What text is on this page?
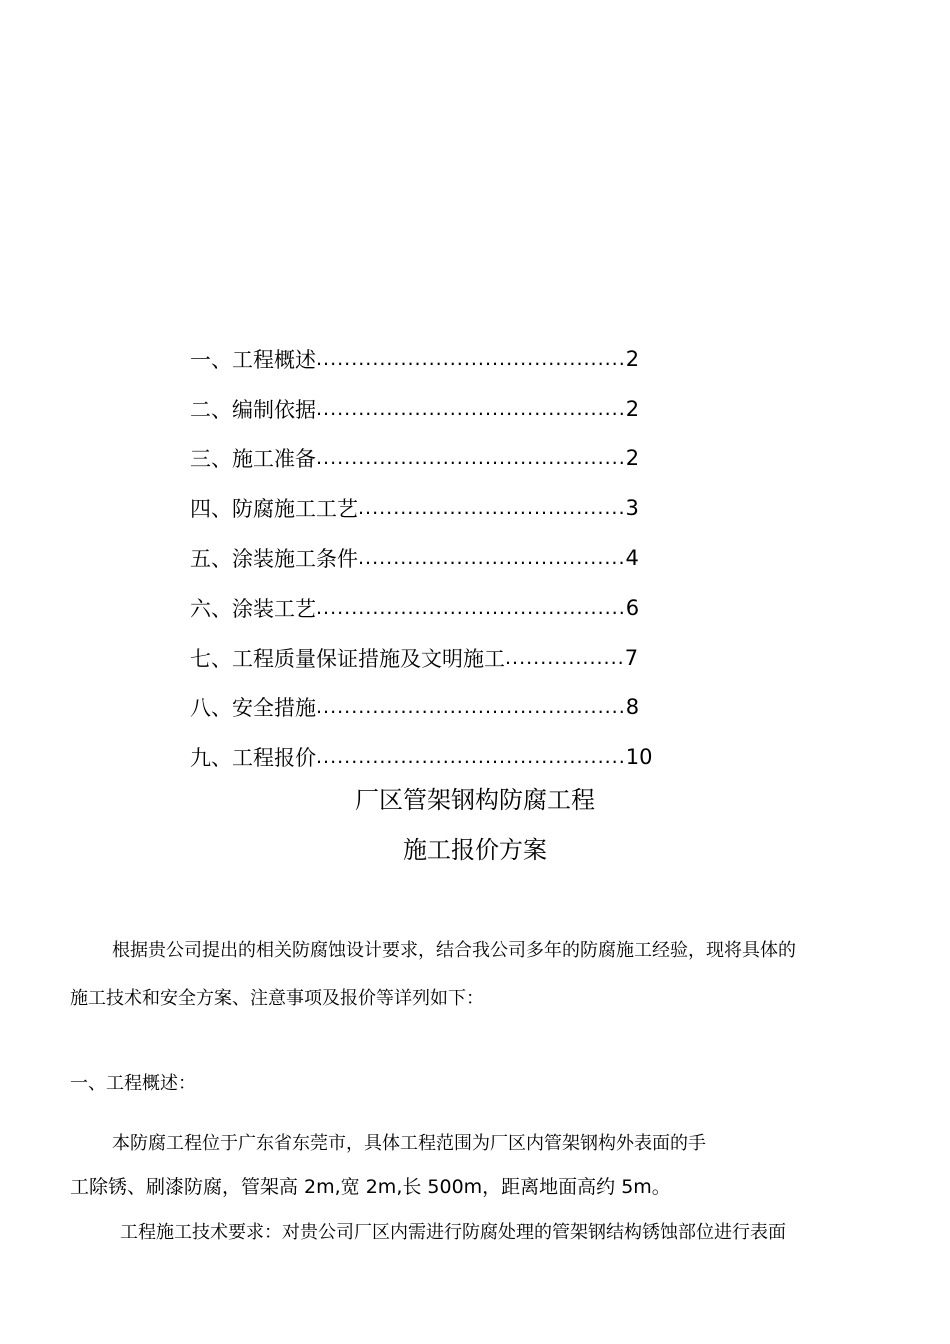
一、 工程概述 ............................................ 2
二、 编制依据 ............................................ 2
三、 施工准备 ............................................ 2
四、 防腐施工工艺 ...................................... 3
五、 涂装施工条件 ...................................... 4
六、 涂装工艺 ............................................ 6
七、 工程质量保证措施及文明施工 ................. 7
八、 安全措施 ............................................ 8
九、 工程报价 ............................................ 10
厂区管架钢构防腐工程
施工报价方案
根据贵公司提出的相关防腐蚀设计要求，结合我公司多年的防腐施工经验，现将具体的
施工技术和安全方案、注意事项及报价等详列如下：
一、工程概述：
本防腐工程位于广东省东莞市，具体工程范围为厂区内管架钢构外表面的手
工除锈、刷漆防腐，管架高 2m,宽 2m,长 500m，距离地面高约 5m。
工程施工技术要求：对贵公司厂区内需进行防腐处理的管架钢结构锈蚀部位进行表面
